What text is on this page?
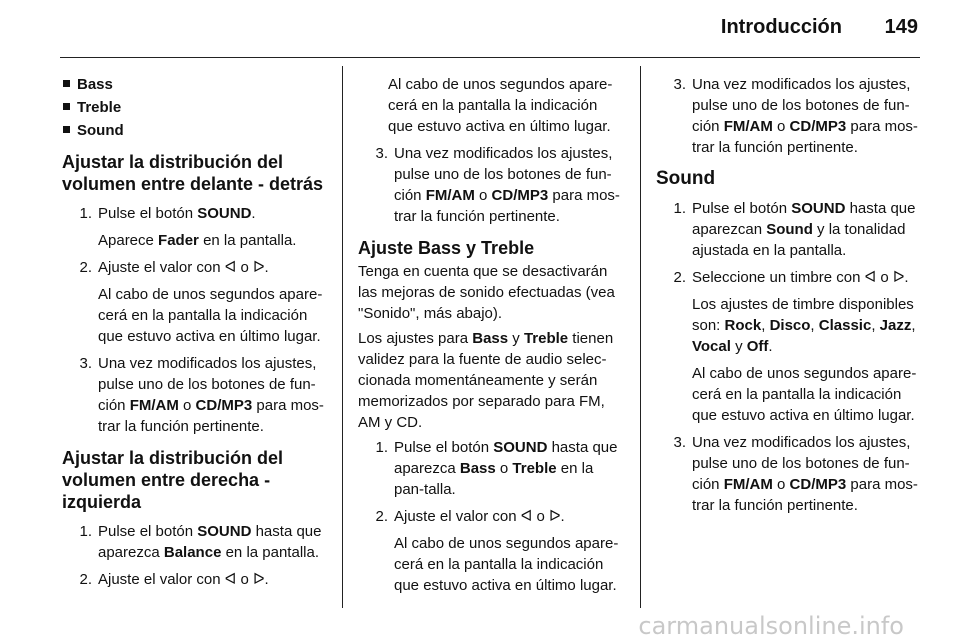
Introducción 149
Bass
Treble
Sound
Ajustar la distribución del volumen entre delante - detrás
1. Pulse el botón SOUND.

Aparece Fader en la pantalla.

2. Ajuste el valor con ᐊ o ᐅ.

Al cabo de unos segundos apare-cerá en la pantalla la indicación que estuvo activa en último lugar.

3. Una vez modificados los ajustes, pulse uno de los botones de fun-ción FM/AM o CD/MP3 para mos-trar la función pertinente.

Ajustar la distribución del volumen entre derecha - izquierda
1. Pulse el botón SOUND hasta que aparezca Balance en la pantalla.

2. Ajuste el valor con ᐊ o ᐅ.

Al cabo de unos segundos apare-cerá en la pantalla la indicación que estuvo activa en último lugar.

3. Una vez modificados los ajustes, pulse uno de los botones de fun-ción FM/AM o CD/MP3 para mos-trar la función pertinente.

Ajuste Bass y Treble

Tenga en cuenta que se desactivarán las mejoras de sonido efectuadas (vea "Sonido", más abajo).

Los ajustes para Bass y Treble tienen validez para la fuente de audio selec-cionada momentáneamente y serán memorizados por separado para FM, AM y CD.

1. Pulse el botón SOUND hasta que aparezca Bass o Treble en la pan-talla.

2. Ajuste el valor con ᐊ o ᐅ.

Al cabo de unos segundos apare-cerá en la pantalla la indicación que estuvo activa en último lugar.

3. Una vez modificados los ajustes, pulse uno de los botones de fun-ción FM/AM o CD/MP3 para mos-trar la función pertinente.

Sound
1. Pulse el botón SOUND hasta que aparezcan Sound y la tonalidad ajustada en la pantalla.

2. Seleccione un timbre con ᐊ o ᐅ.

Los ajustes de timbre disponibles son: Rock, Disco, Classic, Jazz, Vocal y Off.

Al cabo de unos segundos apare-cerá en la pantalla la indicación que estuvo activa en último lugar.

3. Una vez modificados los ajustes, pulse uno de los botones de fun-ción FM/AM o CD/MP3 para mos-trar la función pertinente.

carmanualsonline.info
